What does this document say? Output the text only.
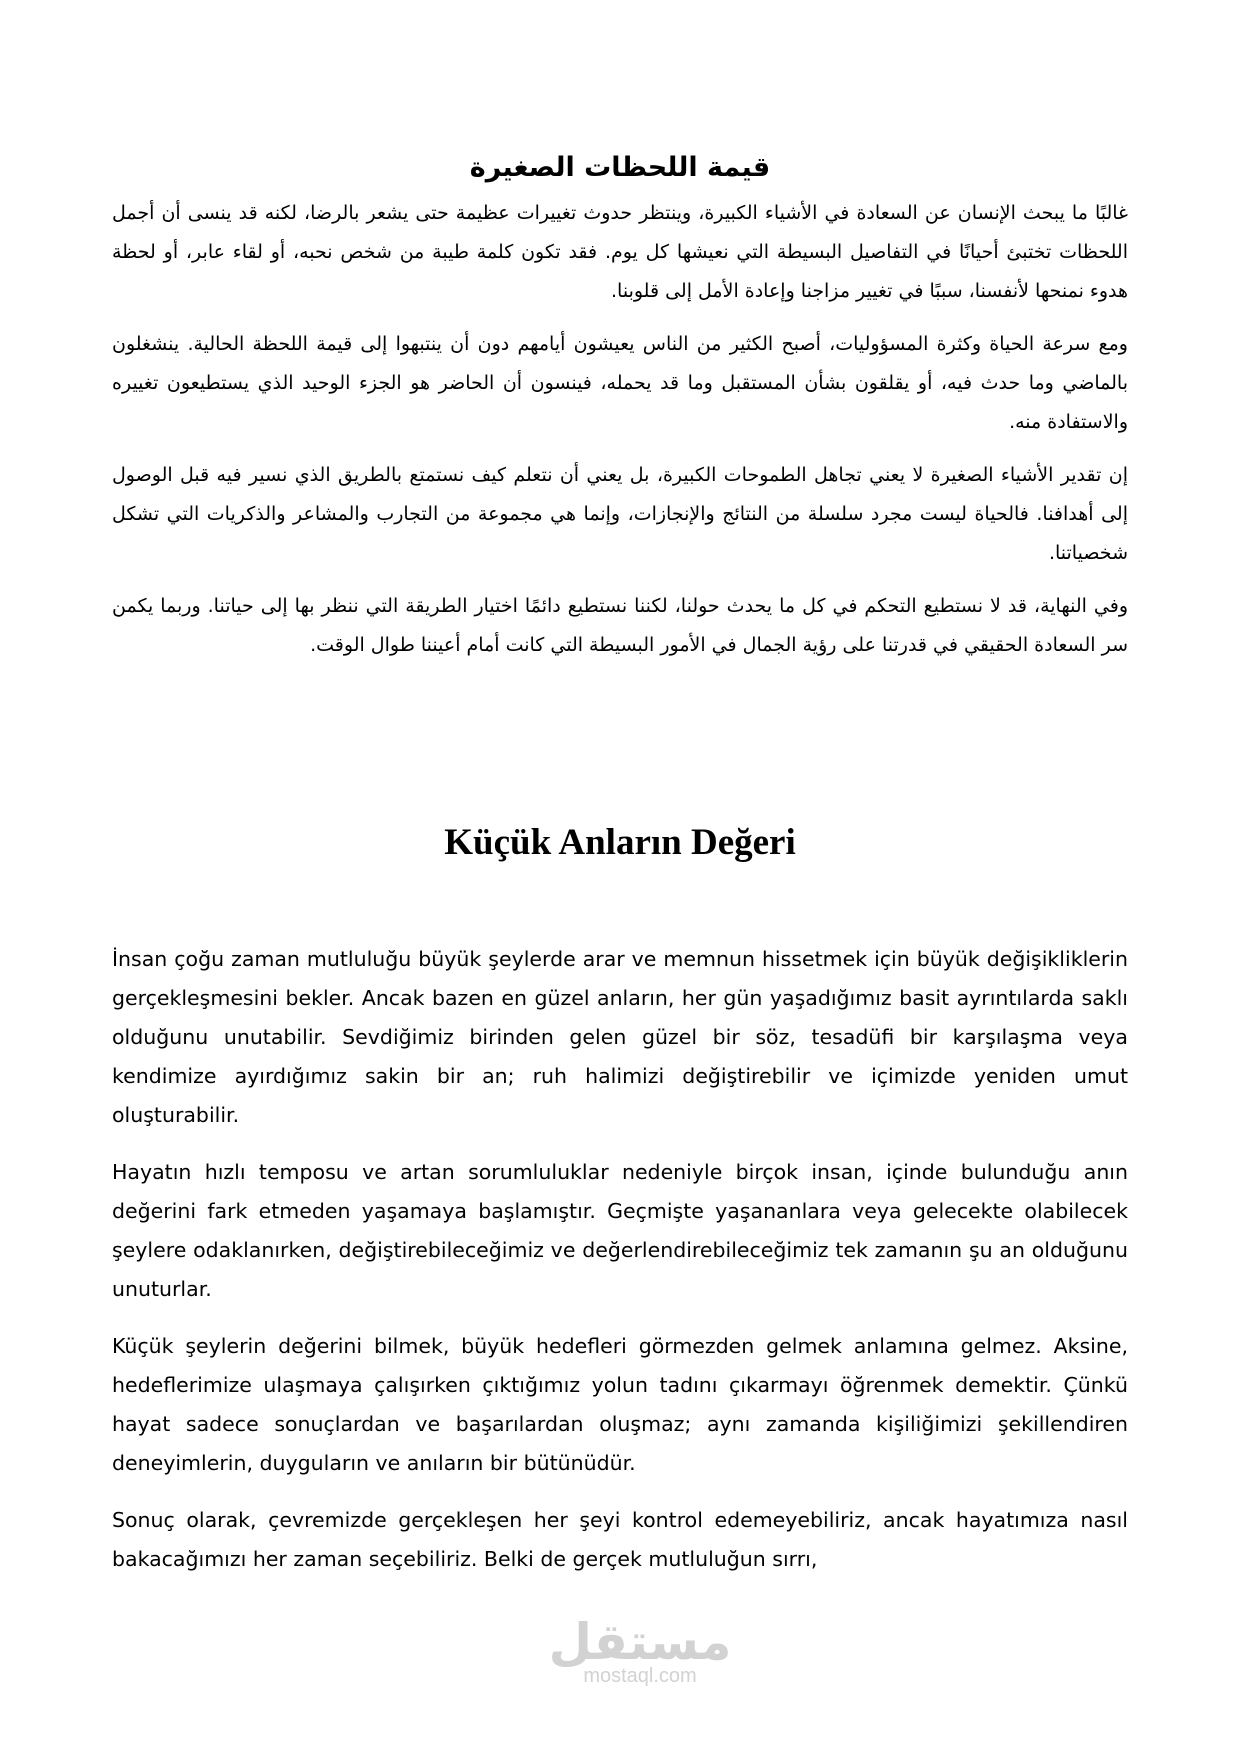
قيمة اللحظات الصغيرة

غالبًا ما يبحث الإنسان عن السعادة في الأشياء الكبيرة، وينتظر حدوث تغييرات عظيمة حتى يشعر بالرضا، لكنه قد ينسى أن أجمل اللحظات تختبئ أحيانًا في التفاصيل البسيطة التي نعيشها كل يوم. فقد تكون كلمة طيبة من شخص نحبه، أو لقاء عابر، أو لحظة هدوء نمنحها لأنفسنا، سببًا في تغيير مزاجنا وإعادة الأمل إلى قلوبنا.

ومع سرعة الحياة وكثرة المسؤوليات، أصبح الكثير من الناس يعيشون أيامهم دون أن ينتبهوا إلى قيمة اللحظة الحالية. ينشغلون بالماضي وما حدث فيه، أو يقلقون بشأن المستقبل وما قد يحمله، فينسون أن الحاضر هو الجزء الوحيد الذي يستطيعون تغييره والاستفادة منه.

إن تقدير الأشياء الصغيرة لا يعني تجاهل الطموحات الكبيرة، بل يعني أن نتعلم كيف نستمتع بالطريق الذي نسير فيه قبل الوصول إلى أهدافنا. فالحياة ليست مجرد سلسلة من النتائج والإنجازات، وإنما هي مجموعة من التجارب والمشاعر والذكريات التي تشكل شخصياتنا.

وفي النهاية، قد لا نستطيع التحكم في كل ما يحدث حولنا، لكننا نستطيع دائمًا اختيار الطريقة التي ننظر بها إلى حياتنا. وربما يكمن سر السعادة الحقيقي في قدرتنا على رؤية الجمال في الأمور البسيطة التي كانت أمام أعيننا طوال الوقت.

Küçük Anların Değeri

İnsan çoğu zaman mutluluğu büyük şeylerde arar ve memnun hissetmek için büyük değişikliklerin gerçekleşmesini bekler. Ancak bazen en güzel anların, her gün yaşadığımız basit ayrıntılarda saklı olduğunu unutabilir. Sevdiğimiz birinden gelen güzel bir söz, tesadüfi bir karşılaşma veya kendimize ayırdığımız sakin bir an; ruh halimizi değiştirebilir ve içimizde yeniden umut oluşturabilir.

Hayatın hızlı temposu ve artan sorumluluklar nedeniyle birçok insan, içinde bulunduğu anın değerini fark etmeden yaşamaya başlamıştır. Geçmişte yaşananlara veya gelecekte olabilecek şeylere odaklanırken, değiştirebileceğimiz ve değerlendirebileceğimiz tek zamanın şu an olduğunu unuturlar.

Küçük şeylerin değerini bilmek, büyük hedefleri görmezden gelmek anlamına gelmez. Aksine, hedeflerimize ulaşmaya çalışırken çıktığımız yolun tadını çıkarmayı öğrenmek demektir. Çünkü hayat sadece sonuçlardan ve başarılardan oluşmaz; aynı zamanda kişiliğimizi şekillendiren deneyimlerin, duyguların ve anıların bir bütünüdür.

Sonuç olarak, çevremizde gerçekleşen her şeyi kontrol edemeyebiliriz, ancak hayatımıza nasıl bakacağımızı her zaman seçebiliriz. Belki de gerçek mutluluğun sırrı,

مستقل
mostaql.com
